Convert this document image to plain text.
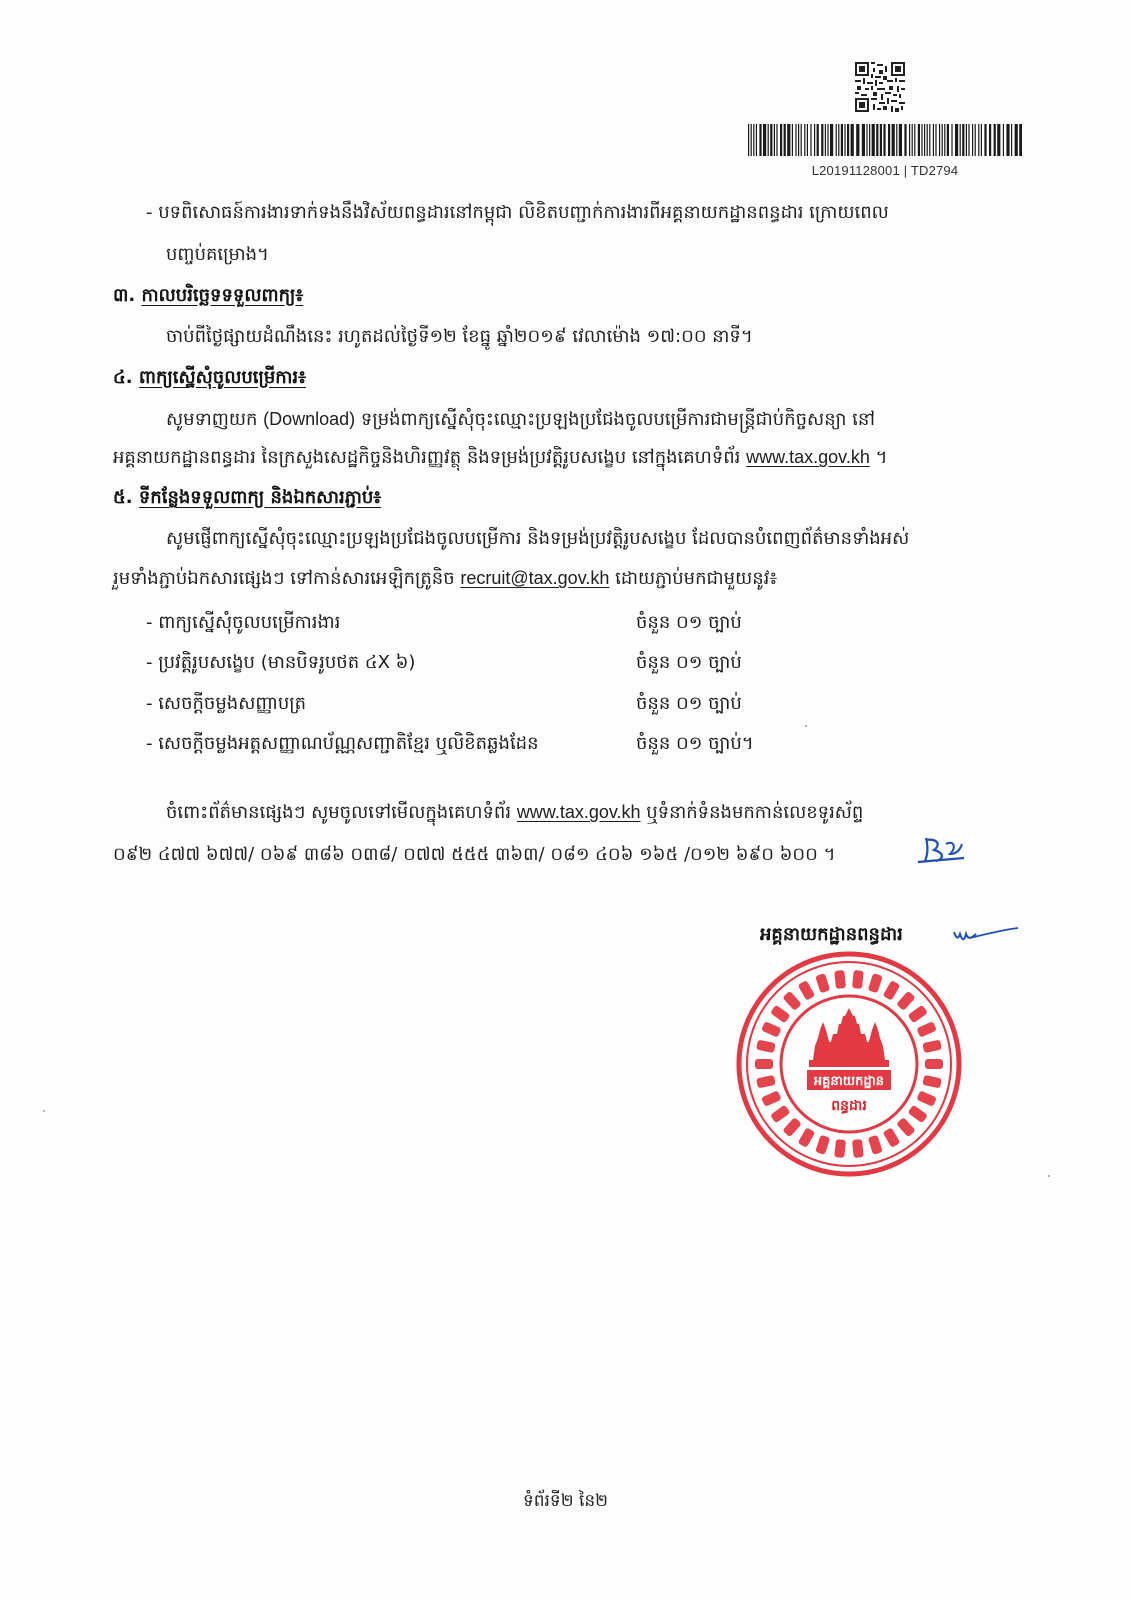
L20191128001 | TD2794
- បទពិសោធន៍ការងារទាក់ទងនឹងវិស័យពន្ធដារនៅកម្ពុជា លិខិតបញ្ជាក់ការងារពីអគ្គនាយកដ្ឋានពន្ធដារ ក្រោយពេល
បញ្ចប់គម្រោង។
៣. កាលបរិច្ឆេទទទួលពាក្យ៖
ចាប់ពីថ្ងៃផ្សាយដំណឹងនេះ រហូតដល់ថ្ងៃទី១២ ខែធ្នូ ឆ្នាំ២០១៩ វេលាម៉ោង ១៧:០០ នាទី។
៤. ពាក្យស្នើសុំចូលបម្រើការ៖
សូមទាញយក (Download) ទម្រង់ពាក្យស្នើសុំចុះឈ្មោះប្រឡងប្រជែងចូលបម្រើការជាមន្ត្រីជាប់កិច្ចសន្យា នៅ
អគ្គនាយកដ្ឋានពន្ធដារ នៃក្រសួងសេដ្ឋកិច្ចនិងហិរញ្ញវត្ថុ និងទម្រង់ប្រវត្តិរូបសង្ខេប នៅក្នុងគេហទំព័រ www.tax.gov.kh ។
៥. ទីកន្លែងទទួលពាក្យ និងឯកសារភ្ជាប់៖
សូមផ្ញើពាក្យស្នើសុំចុះឈ្មោះប្រឡងប្រជែងចូលបម្រើការ និងទម្រង់ប្រវត្តិរូបសង្ខេប ដែលបានបំពេញព័ត៌មានទាំងអស់
រួមទាំងភ្ជាប់ឯកសារផ្សេងៗ ទៅកាន់សារអេឡិកត្រូនិច recruit@tax.gov.kh ដោយភ្ជាប់មកជាមួយនូវ៖
- ពាក្យស្នើសុំចូលបម្រើការងារ	ចំនួន ០១ ច្បាប់
- ប្រវត្តិរូបសង្ខេប (មានបិទរូបថត ៤X ៦)	ចំនួន ០១ ច្បាប់
- សេចក្តីចម្លងសញ្ញាបត្រ	ចំនួន ០១ ច្បាប់
- សេចក្តីចម្លងអត្តសញ្ញាណប័ណ្ណសញ្ជាតិខ្មែរ ឬលិខិតឆ្លងដែន	ចំនួន ០១ ច្បាប់។
ចំពោះព័ត៌មានផ្សេងៗ សូមចូលទៅមើលក្នុងគេហទំព័រ www.tax.gov.kh ឬទំនាក់ទំនងមកកាន់លេខទូរស័ព្ទ
០៩២ ៤៧៧ ៦៧៧/ ០៦៩ ៣៨៦ ០៣៨/ ០៧៧ ៥៥៥ ៣៦៣/ ០៨១ ៤០៦ ១៦៥ /០១២ ៦៩០ ៦០០ ។
អគ្គនាយកដ្ឋានពន្ធដារ
អគ្គនាយកដ្ឋាន
ពន្ធដារ
ទំព័រទី២ នៃ២
